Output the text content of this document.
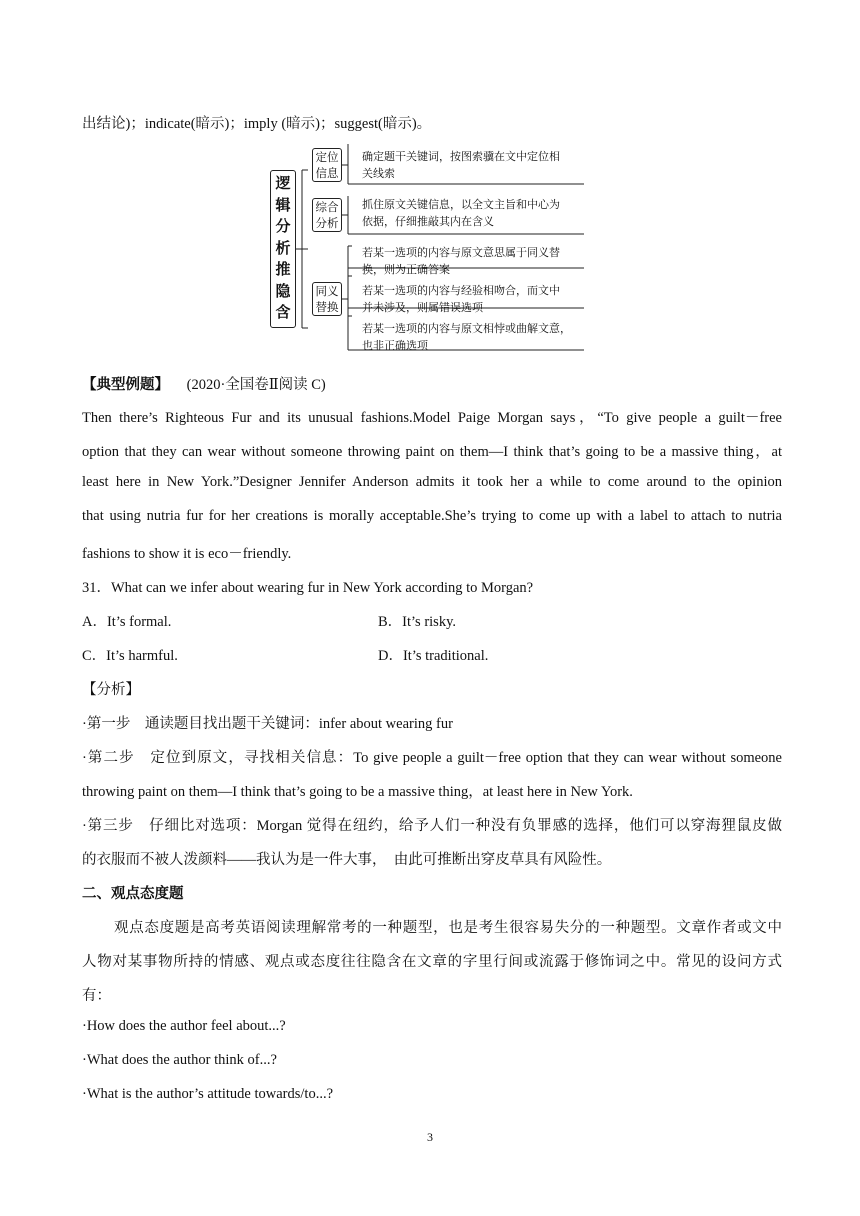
出结论)；indicate(暗示)；imply (暗示)；suggest(暗示)。
逻
辑
分
析
推
隐
含
定位
信息
确定题干关键词，按图索骥在文中定位相
关线索
综合
分析
抓住原文关键信息，以全文主旨和中心为
依据，仔细推敲其内在含义
同义
替换
若某一选项的内容与原文意思属于同义替
换，则为正确答案
若某一选项的内容与经验相吻合，而文中
并未涉及，则属错误选项
若某一选项的内容与原文相悖或曲解文意，
也非正确选项
【典型例题】 (2020·全国卷Ⅱ阅读 C)
Then there’s Righteous Fur and its unusual fashions.Model Paige Morgan says，“To give people a guilt－free
option that they can wear without someone throwing paint on them—I think that’s going to be a massive thing，at
least here in New York.”Designer Jennifer Anderson admits it took her a while to come around to the opinion
that using nutria fur for her creations is morally acceptable.She’s trying to come up with a label to attach to nutria
fashions to show it is eco－friendly.
31．What can we infer about wearing fur in New York according to Morgan?
A．It’s formal.	B．It’s risky.
C．It’s harmful.	D．It’s traditional.
【分析】
·第一步　通读题目找出题干关键词：infer about wearing fur
·第二步　定位到原文，寻找相关信息：To give people a guilt－free option that they can wear without someone
throwing paint on them—I think that’s going to be a massive thing，at least here in New York.
·第三步　仔细比对选项：Morgan 觉得在纽约，给予人们一种没有负罪感的选择，他们可以穿海狸鼠皮做
的衣服而不被人泼颜料——我认为是一件大事，　由此可推断出穿皮草具有风险性。
二、观点态度题
观点态度题是高考英语阅读理解常考的一种题型，也是考生很容易失分的一种题型。文章作者或文中
人物对某事物所持的情感、观点或态度往往隐含在文章的字里行间或流露于修饰词之中。常见的设问方式
有：
·How does the author feel about...?
·What does the author think of...?
·What is the author’s attitude towards/to...?
3
